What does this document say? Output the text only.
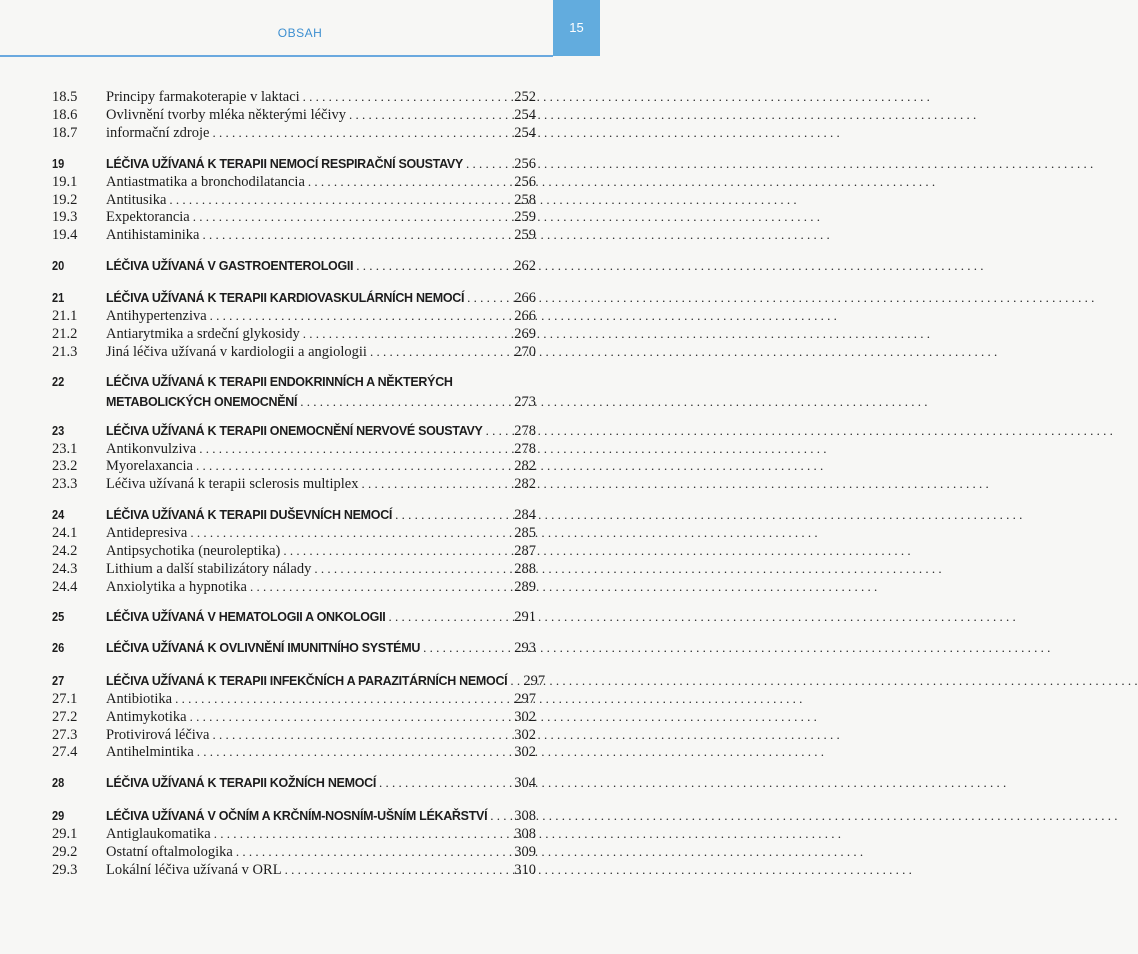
OBSAH	15
18.5 Principy farmakoterapie v laktaci . . .	252
18.6 Ovlivnění tvorby mléka některými léčivy . . .	254
18.7 informační zdroje . . .	254
19	LÉČIVA UŽÍVANÁ K TERAPII NEMOCÍ RESPIRAČNÍ SOUSTAVY . . .	256
19.1 Antiastmatika a bronchodilatancia . . .	256
19.2 Antitusika . . .	258
19.3 Expektorancia . . .	259
19.4 Antihistaminika . . .	259
20	LÉČIVA UŽÍVANÁ V GASTROENTEROLOGII . . .	262
21	LÉČIVA UŽÍVANÁ K TERAPII KARDIOVASKULÁRNÍCH NEMOCÍ . . .	266
21.1 Antihypertenziva . . .	266
21.2 Antiarytmika a srdeční glykosidy . . .	269
21.3 Jiná léčiva užívaná v kardiologii a angiologii . . .	270
22	LÉČIVA UŽÍVANÁ K TERAPII ENDOKRINNÍCH A NĚKTERÝCH
METABOLICKÝCH ONEMOCNĚNÍ . . .	273
23	LÉČIVA UŽÍVANÁ K TERAPII ONEMOCNĚNÍ NERVOVÉ SOUSTAVY . . . 278
23.1 Antikonvulziva . . .	278
23.2 Myorelaxancia . . .	282
23.3 Léčiva užívaná k terapii sclerosis multiplex . . .	282
24	LÉČIVA UŽÍVANÁ K TERAPII DUŠEVNÍCH NEMOCÍ . . .	284
24.1 Antidepresiva . . .	285
24.2 Antipsychotika (neuroleptika) . . .	287
24.3 Lithium a další stabilizátory nálady . . .	288
24.4 Anxiolytika a hypnotika . . .	289
25	LÉČIVA UŽÍVANÁ V HEMATOLOGII A ONKOLOGII . . .	291
26	LÉČIVA UŽÍVANÁ K OVLIVNĚNÍ IMUNITNÍHO SYSTÉMU . . .	293
27	LÉČIVA UŽÍVANÁ K TERAPII INFEKČNÍCH A PARAZITÁRNÍCH NEMOCÍ . . . 297
27.1 Antibiotika . . .	297
27.2 Antimykotika . . .	302
27.3 Protivirová léčiva . . .	302
27.4 Antihelmintika . . .	302
28	LÉČIVA UŽÍVANÁ K TERAPII KOŽNÍCH NEMOCÍ . . .	304
29	LÉČIVA UŽÍVANÁ V OČNÍM A KRČNÍM-NOSNÍM-UŠNÍM LÉKAŘSTVÍ . . . 308
29.1 Antiglaukomatika . . .	308
29.2 Ostatní oftalmologika . . .	309
29.3 Lokální léčiva užívaná v ORL . . .	310
